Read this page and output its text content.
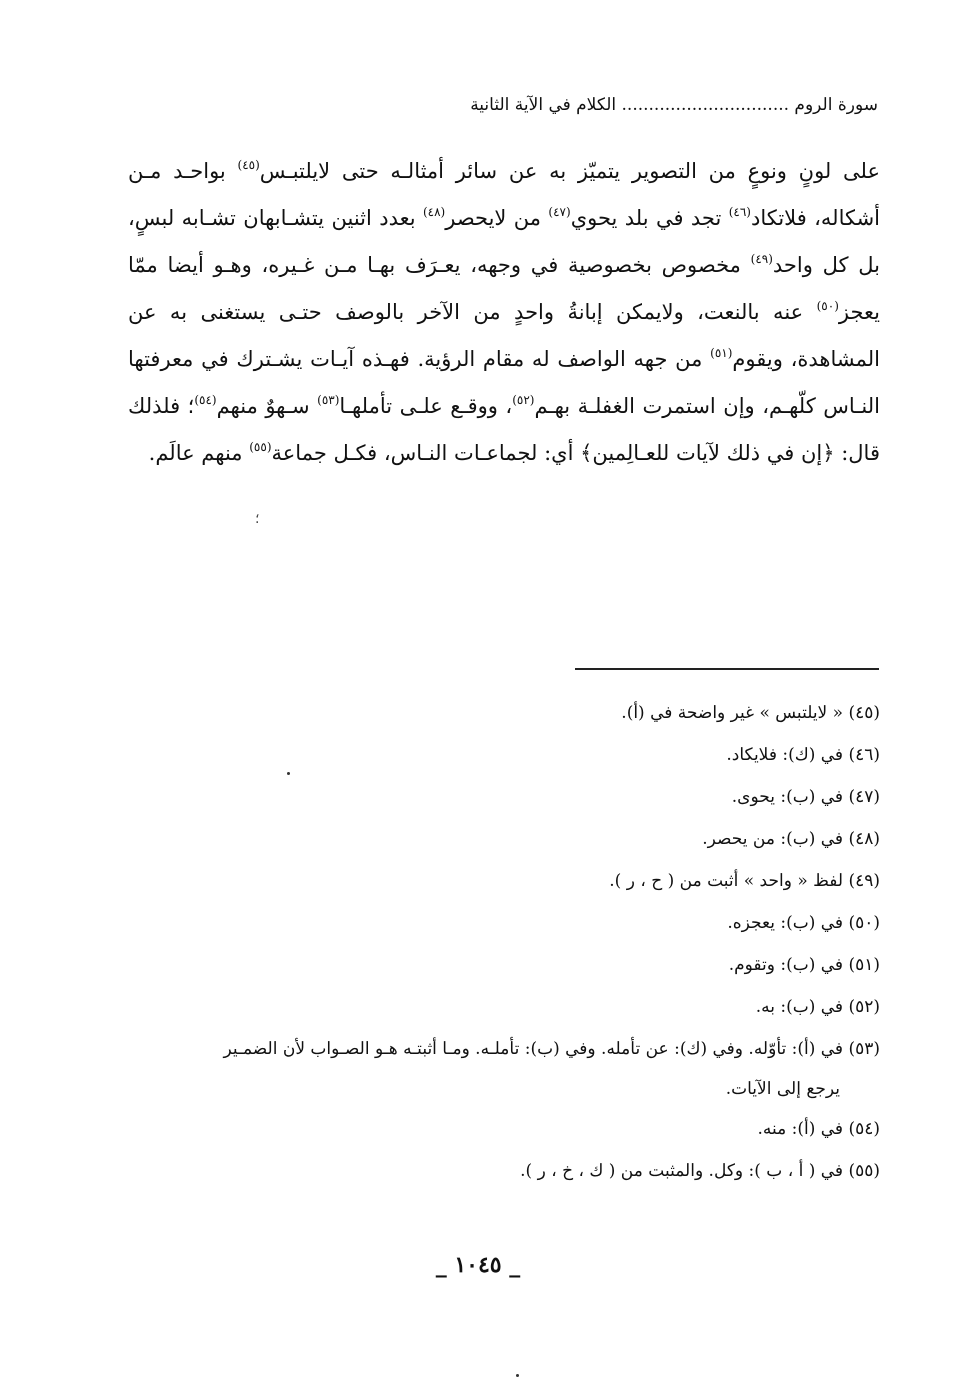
سورة الروم ............................... الكلام في الآية الثانية

على لونٍ ونوعٍ من التصوير يتميّز به عن سائر أمثالـه حتى لايلتبـس$^{(٤٥)}$ بواحـد مـن أشكاله، فلاتكاد$^{(٤٦)}$ تجد في بلد يحوي$^{(٤٧)}$ من لايحصر$^{(٤٨)}$ بعدد اثنين يتشـابهان تشـابه لبسٍ، بل كل واحد$^{(٤٩)}$ مخصوص بخصوصية في وجهه، يعـرَف بهـا مـن غـيره، وهـو أيضا ممّا يعجز$^{(٥٠)}$ عنه بالنعت، ولايمكن إبانةُ واحدٍ من الآخر بالوصف حتـى يستغنى به عن المشاهدة، ويقوم$^{(٥١)}$ من جهه الواصف له مقام الرؤية. فهـذه آيـات يشـترك في معرفتها النـاس كلّهـم، وإن استمرت الغفلـة بهـم$^{(٥٢)}$، ووقـع علـى تأملهـا$^{(٥٣)}$ سـهوٌ منهم$^{(٥٤)}$؛ فلذلك قال: ﴿إن في ذلك لآيات للعـالِمين﴾ أي: لجماعـات النـاس، فكـل جماعة$^{(٥٥)}$ منهم عالَم.

؛
(٤٥) « لايلتبس » غير واضحة في (أ).
(٤٦) في (ك): فلايكاد.
(٤٧) في (ب): يحوى.
(٤٨) في (ب): من يحصر.
(٤٩) لفظ « واحد » أثبت من ( ح ، ر ).
(٥٠) في (ب): يعجزه.
(٥١) في (ب): وتقوم.
(٥٢) في (ب): به.
(٥٣) في (أ): تأوّله. وفي (ك): عن تأمله. وفي (ب): تأملـه. ومـا أثبتـه هـو الصـواب لأن الضمـير
يرجع إلى الآيات.
(٥٤) في (أ): منه.
(٥٥) في ( أ ، ب ): وكل. والمثبت من ( ك ، خ ، ر ).
_ ١٠٤٥ _
